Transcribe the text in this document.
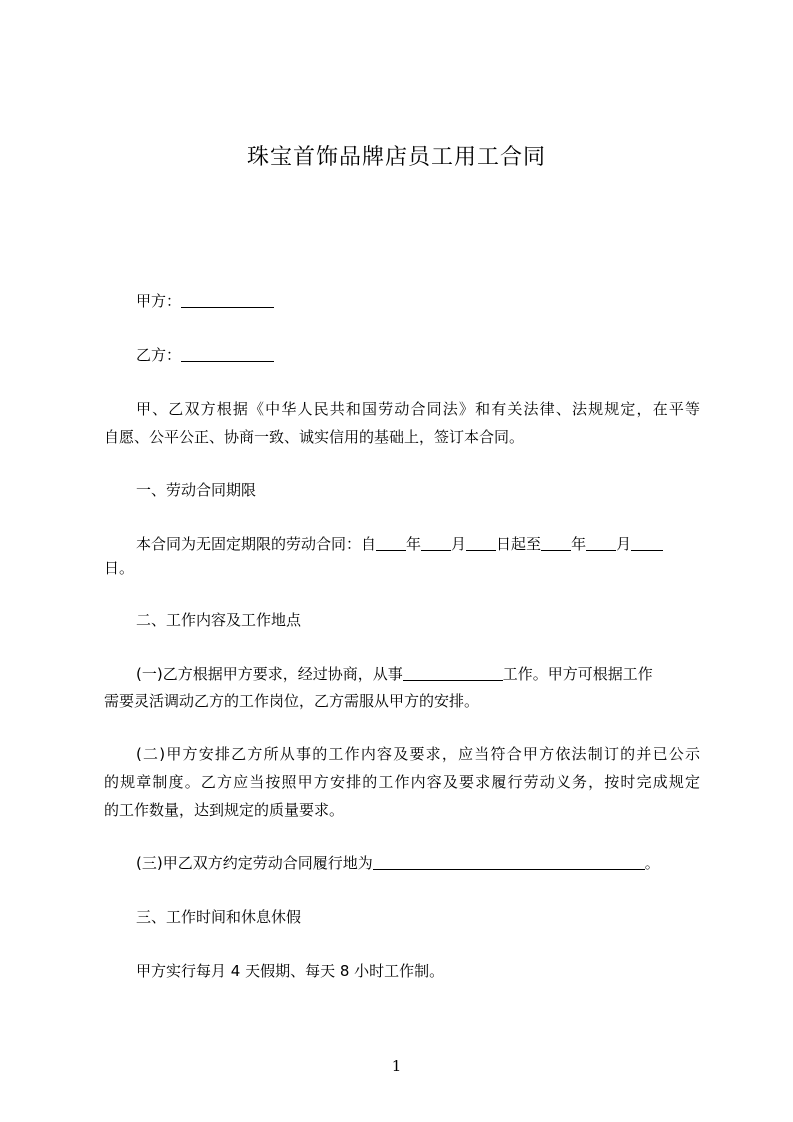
珠宝首饰品牌店员工用工合同
甲方：
乙方：
甲、乙双方根据《中华人民共和国劳动合同法》和有关法律、法规规定，在平等
自愿、公平公正、协商一致、诚实信用的基础上，签订本合同。
一、劳动合同期限
本合同为无固定期限的劳动合同：自 年 月 日起至 年 月
日。
二、工作内容及工作地点
(一)乙方根据甲方要求，经过协商，从事	工作。甲方可根据工作
需要灵活调动乙方的工作岗位，乙方需服从甲方的安排。
(二)甲方安排乙方所从事的工作内容及要求，应当符合甲方依法制订的并已公示
的规章制度。乙方应当按照甲方安排的工作内容及要求履行劳动义务，按时完成规定
的工作数量，达到规定的质量要求。
(三)甲乙双方约定劳动合同履行地为	。
三、工作时间和休息休假
甲方实行每月 4 天假期、每天 8 小时工作制。
1
